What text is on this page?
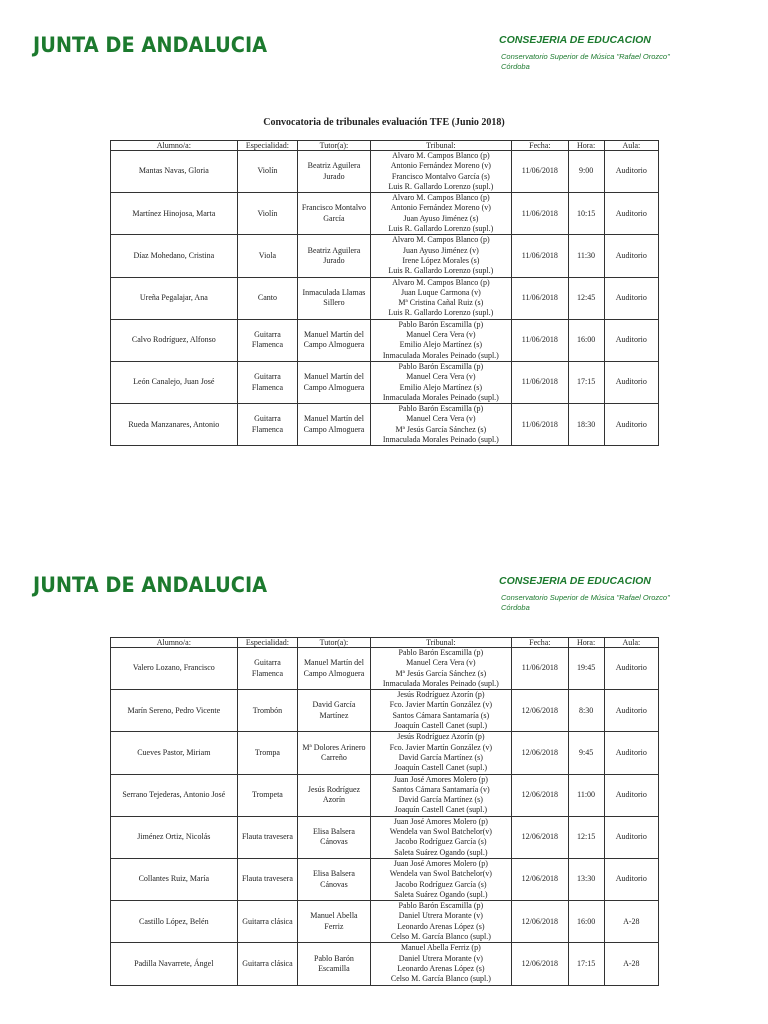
JUNTA DE ANDALUCIA	CONSEJERIA DE EDUCACION
Conservatorio Superior de Música "Rafael Orozco"
Córdoba
Convocatoria de tribunales evaluación TFE (Junio 2018)
Alumno/a:	Especialidad:	Tutor(a):	Tribunal:	Fecha:	Hora:	Aula:
Mantas Navas, Gloria	Violín	Beatriz Aguilera Jurado	Alvaro M. Campos Blanco (p)
Antonio Fernández Moreno (v)
Francisco Montalvo García (s)
Luis R. Gallardo Lorenzo (supl.)	11/06/2018	9:00	Auditorio
Martínez Hinojosa, Marta	Violín	Francisco Montalvo García	Alvaro M. Campos Blanco (p)
Antonio Fernández Moreno (v)
Juan Ayuso Jiménez (s)
Luis R. Gallardo Lorenzo (supl.)	11/06/2018	10:15	Auditorio
Díaz Mohedano, Cristina	Viola	Beatriz Aguilera Jurado	Alvaro M. Campos Blanco (p)
Juan Ayuso Jiménez (v)
Irene López Morales (s)
Luis R. Gallardo Lorenzo (supl.)	11/06/2018	11:30	Auditorio
Ureña Pegalajar, Ana	Canto	Inmaculada Llamas Sillero	Alvaro M. Campos Blanco (p)
Juan Luque Carmona (v)
Mª Cristina Cañal Ruiz (s)
Luis R. Gallardo Lorenzo (supl.)	11/06/2018	12:45	Auditorio
Calvo Rodríguez, Alfonso	Guitarra Flamenca	Manuel Martín del Campo Almoguera	Pablo Barón Escamilla (p)
Manuel Cera Vera (v)
Emilio Alejo Martínez (s)
Inmaculada Morales Peinado (supl.)	11/06/2018	16:00	Auditorio
León Canalejo, Juan José	Guitarra Flamenca	Manuel Martín del Campo Almoguera	Pablo Barón Escamilla (p)
Manuel Cera Vera (v)
Emilio Alejo Martínez (s)
Inmaculada Morales Peinado (supl.)	11/06/2018	17:15	Auditorio
Rueda Manzanares, Antonio	Guitarra Flamenca	Manuel Martín del Campo Almoguera	Pablo Barón Escamilla (p)
Manuel Cera Vera (v)
Mª Jesús García Sánchez (s)
Inmaculada Morales Peinado (supl.)	11/06/2018	18:30	Auditorio
JUNTA DE ANDALUCIA	CONSEJERIA DE EDUCACION
Conservatorio Superior de Música "Rafael Orozco"
Córdoba
Alumno/a:	Especialidad:	Tutor(a):	Tribunal:	Fecha:	Hora:	Aula:
Valero Lozano, Francisco	Guitarra Flamenca	Manuel Martín del Campo Almoguera	Pablo Barón Escamilla (p)
Manuel Cera Vera (v)
Mª Jesús García Sánchez (s)
Inmaculada Morales Peinado (supl.)	11/06/2018	19:45	Auditorio
Marín Sereno, Pedro Vicente	Trombón	David García Martínez	Jesús Rodríguez Azorín (p)
Fco. Javier Martín González (v)
Santos Cámara Santamaría (s)
Joaquín Castell Canet (supl.)	12/06/2018	8:30	Auditorio
Cueves Pastor, Miriam	Trompa	Mª Dolores Arinero Carreño	Jesús Rodríguez Azorín (p)
Fco. Javier Martín González (v)
David García Martínez (s)
Joaquín Castell Canet (supl.)	12/06/2018	9:45	Auditorio
Serrano Tejederas, Antonio José	Trompeta	Jesús Rodríguez Azorín	Juan José Amores Molero (p)
Santos Cámara Santamaría (v)
David García Martínez (s)
Joaquín Castell Canet (supl.)	12/06/2018	11:00	Auditorio
Jiménez Ortiz, Nicolás	Flauta travesera	Elisa Balsera Cánovas	Juan José Amores Molero (p)
Wendela van Swol Batchelor(v)
Jacobo Rodríguez García (s)
Saleta Suárez Ogando (supl.)	12/06/2018	12:15	Auditorio
Collantes Ruiz, María	Flauta travesera	Elisa Balsera Cánovas	Juan José Amores Molero (p)
Wendela van Swol Batchelor(v)
Jacobo Rodríguez García (s)
Saleta Suárez Ogando (supl.)	12/06/2018	13:30	Auditorio
Castillo López, Belén	Guitarra clásica	Manuel Abella Ferriz	Pablo Barón Escamilla (p)
Daniel Utrera Morante (v)
Leonardo Arenas López (s)
Celso M. García Blanco (supl.)	12/06/2018	16:00	A-28
Padilla Navarrete, Ángel	Guitarra clásica	Pablo Barón Escamilla	Manuel Abella Ferriz (p)
Daniel Utrera Morante (v)
Leonardo Arenas López (s)
Celso M. García Blanco (supl.)	12/06/2018	17:15	A-28
